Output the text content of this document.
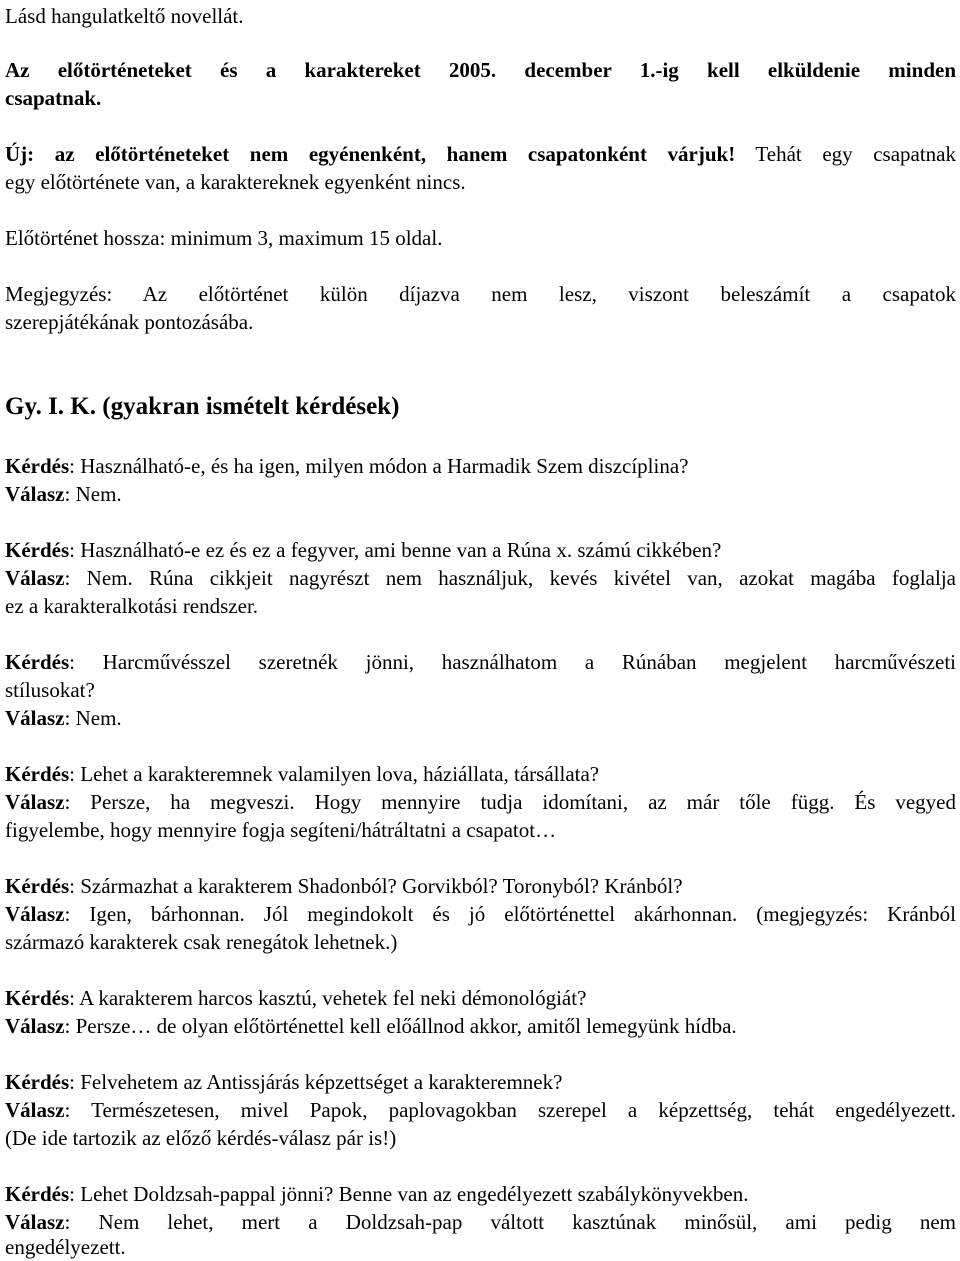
Lásd hangulatkeltő novellát.
Az előtörténeteket és a karaktereket 2005. december 1.-ig kell elküldenie minden
csapatnak.
Új: az előtörténeteket nem egyénenként, hanem csapatonként várjuk! Tehát egy csapatnak
egy előtörténete van, a karaktereknek egyenként nincs.
Előtörténet hossza: minimum 3, maximum 15 oldal.
Megjegyzés: Az előtörténet külön díjazva nem lesz, viszont beleszámít a csapatok
szerepjátékának pontozásába.
Gy. I. K. (gyakran ismételt kérdések)
Kérdés: Használható-e, és ha igen, milyen módon a Harmadik Szem diszcíplina?
Válasz: Nem.
Kérdés: Használható-e ez és ez a fegyver, ami benne van a Rúna x. számú cikkében?
Válasz: Nem. Rúna cikkjeit nagyrészt nem használjuk, kevés kivétel van, azokat magába foglalja
ez a karakteralkotási rendszer.
Kérdés: Harcművésszel szeretnék jönni, használhatom a Rúnában megjelent harcművészeti
stílusokat?
Válasz: Nem.
Kérdés: Lehet a karakteremnek valamilyen lova, háziállata, társállata?
Válasz: Persze, ha megveszi. Hogy mennyire tudja idomítani, az már tőle függ. És vegyed
figyelembe, hogy mennyire fogja segíteni/hátráltatni a csapatot…
Kérdés: Származhat a karakterem Shadonból? Gorvikból? Toronyból? Kránból?
Válasz: Igen, bárhonnan. Jól megindokolt és jó előtörténettel akárhonnan. (megjegyzés: Kránból
származó karakterek csak renegátok lehetnek.)
Kérdés: A karakterem harcos kasztú, vehetek fel neki démonológiát?
Válasz: Persze… de olyan előtörténettel kell előállnod akkor, amitől lemegyünk hídba.
Kérdés: Felvehetem az Antissjárás képzettséget a karakteremnek?
Válasz: Természetesen, mivel Papok, paplovagokban szerepel a képzettség, tehát engedélyezett.
(De ide tartozik az előző kérdés-válasz pár is!)
Kérdés: Lehet Doldzsah-pappal jönni? Benne van az engedélyezett szabálykönyvekben.
Válasz: Nem lehet, mert a Doldzsah-pap váltott kasztúnak minősül, ami pedig nem
engedélyezett.
